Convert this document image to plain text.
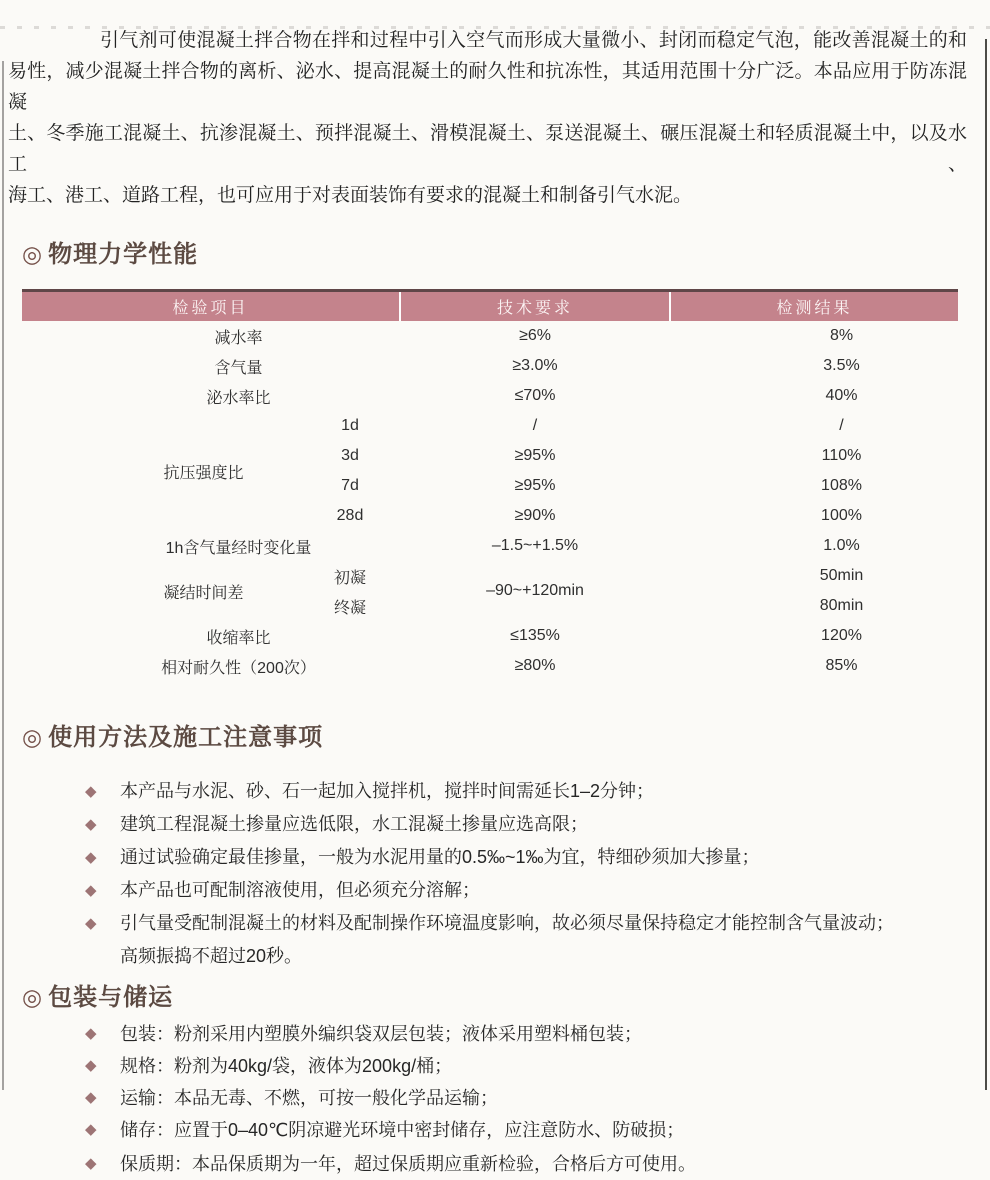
引气剂可使混凝土拌合物在拌和过程中引入空气而形成大量微小、封闭而稳定气泡，能改善混凝土的和
易性，减少混凝土拌合物的离析、泌水、提高混凝土的耐久性和抗冻性，其适用范围十分广泛。本品应用于防冻混凝
土、冬季施工混凝土、抗渗混凝土、预拌混凝土、滑模混凝土、泵送混凝土、碾压混凝土和轻质混凝土中，以及水工、
海工、港工、道路工程，也可应用于对表面装饰有要求的混凝土和制备引气水泥。
◎ 物理力学性能
检验项目		技术要求	检测结果
减水率		≥6%	8%
含气量		≥3.0%	3.5%
泌水率比		≤70%	40%
抗压强度比	1d	/	/
	3d	≥95%	110%
	7d	≥95%	108%
	28d	≥90%	100%
1h含气量经时变化量		–1.5~+1.5%	1.0%
凝结时间差	初凝	–90~+120min	50min
	终凝		80min
收缩率比		≤135%	120%
相对耐久性（200次）		≥80%	85%
◎ 使用方法及施工注意事项
◆	本产品与水泥、砂、石一起加入搅拌机，搅拌时间需延长1–2分钟；
◆	建筑工程混凝土掺量应选低限，水工混凝土掺量应选高限；
◆	通过试验确定最佳掺量，一般为水泥用量的0.5‰~1‰为宜，特细砂须加大掺量；
◆	本产品也可配制溶液使用，但必须充分溶解；
◆	引气量受配制混凝土的材料及配制操作环境温度影响，故必须尽量保持稳定才能控制含气量波动；
高频振捣不超过20秒。
◎ 包装与储运
◆	包装：粉剂采用内塑膜外编织袋双层包装；液体采用塑料桶包装；
◆	规格：粉剂为40kg/袋，液体为200kg/桶；
◆	运输：本品无毒、不燃，可按一般化学品运输；
◆	储存：应置于0–40℃阴凉避光环境中密封储存，应注意防水、防破损；
◆	保质期：本品保质期为一年，超过保质期应重新检验，合格后方可使用。
